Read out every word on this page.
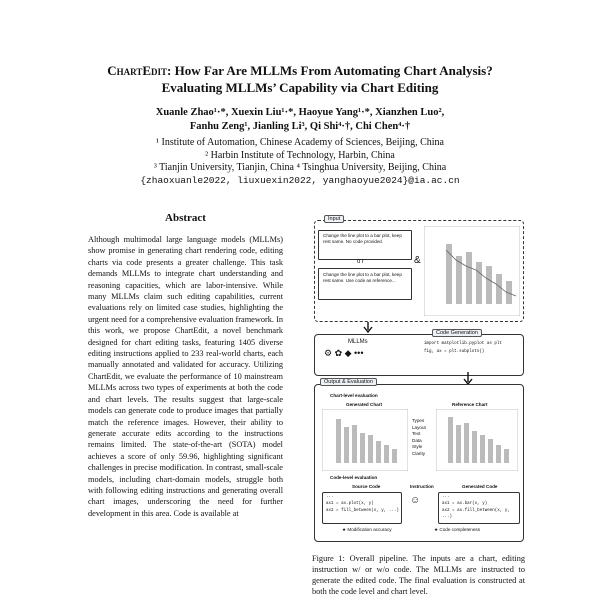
ChartEdit: How Far Are MLLMs From Automating Chart Analysis?
Evaluating MLLMs’ Capability via Chart Editing
Xuanle Zhao¹·*, Xuexin Liu¹·*, Haoyue Yang¹·*, Xianzhen Luo²,
Fanhu Zeng¹, Jianling Li³, Qi Shi⁴·†, Chi Chen⁴·†
¹ Institute of Automation, Chinese Academy of Sciences, Beijing, China
² Harbin Institute of Technology, Harbin, China
³ Tianjin University, Tianjin, China ⁴ Tsinghua University, Beijing, China
{zhaoxuanle2022, liuxuexin2022, yanghaoyue2024}@ia.ac.cn
Abstract
Although multimodal large language models (MLLMs) show promise in generating chart rendering code, editing charts via code presents a greater challenge. This task demands MLLMs to integrate chart understanding and reasoning capacities, which are labor-intensive. While many MLLMs claim such editing capabilities, current evaluations rely on limited case studies, highlighting the urgent need for a comprehensive evaluation framework. In this work, we propose ChartEdit, a novel benchmark designed for chart editing tasks, featuring 1405 diverse editing instructions applied to 233 real-world charts, each manually annotated and validated for accuracy. Utilizing ChartEdit, we evaluate the performance of 10 mainstream MLLMs across two types of experiments at both the code and chart levels. The results suggest that large-scale models can generate code to produce images that partially match the reference images. However, their ability to generate accurate edits according to the instructions remains limited. The state-of-the-art (SOTA) model achieves a score of only 59.96, highlighting significant challenges in precise modification. In contrast, small-scale models, including chart-domain models, struggle both with following editing instructions and generating overall chart images, underscoring the need for further development in this area. Code is available at
Input
Change the line plot to a bar plot, keep rest same. No code provided.
o r
Change the line plot to a bar plot, keep rest same. Use code as reference...
&
Code Generation
MLLMs
⚙ ✿ ◆ •••
import matplotlib.pyplot as plt
fig, ax = plt.subplots()
Output & Evaluation
Chart-level evaluation
Generated Chart	Reference Chart
Types
Layout
Text
Data
Style
Clarity
Code-level evaluation
Source Code	Instruction	Generated Code
...
ax1 = ax.plot(x, y)
ax2 = fill_between(x, y, ...)
☺	...
ax1 = ax.bar(x, y)
ax2 = ax.fill_between(x, y, ...)
★ Modification accuracy	★ Code completeness
Figure 1: Overall pipeline. The inputs are a chart, editing instruction w/ or w/o code. The MLLMs are instructed to generate the edited code. The final evaluation is constructed at both the code level and chart level.
